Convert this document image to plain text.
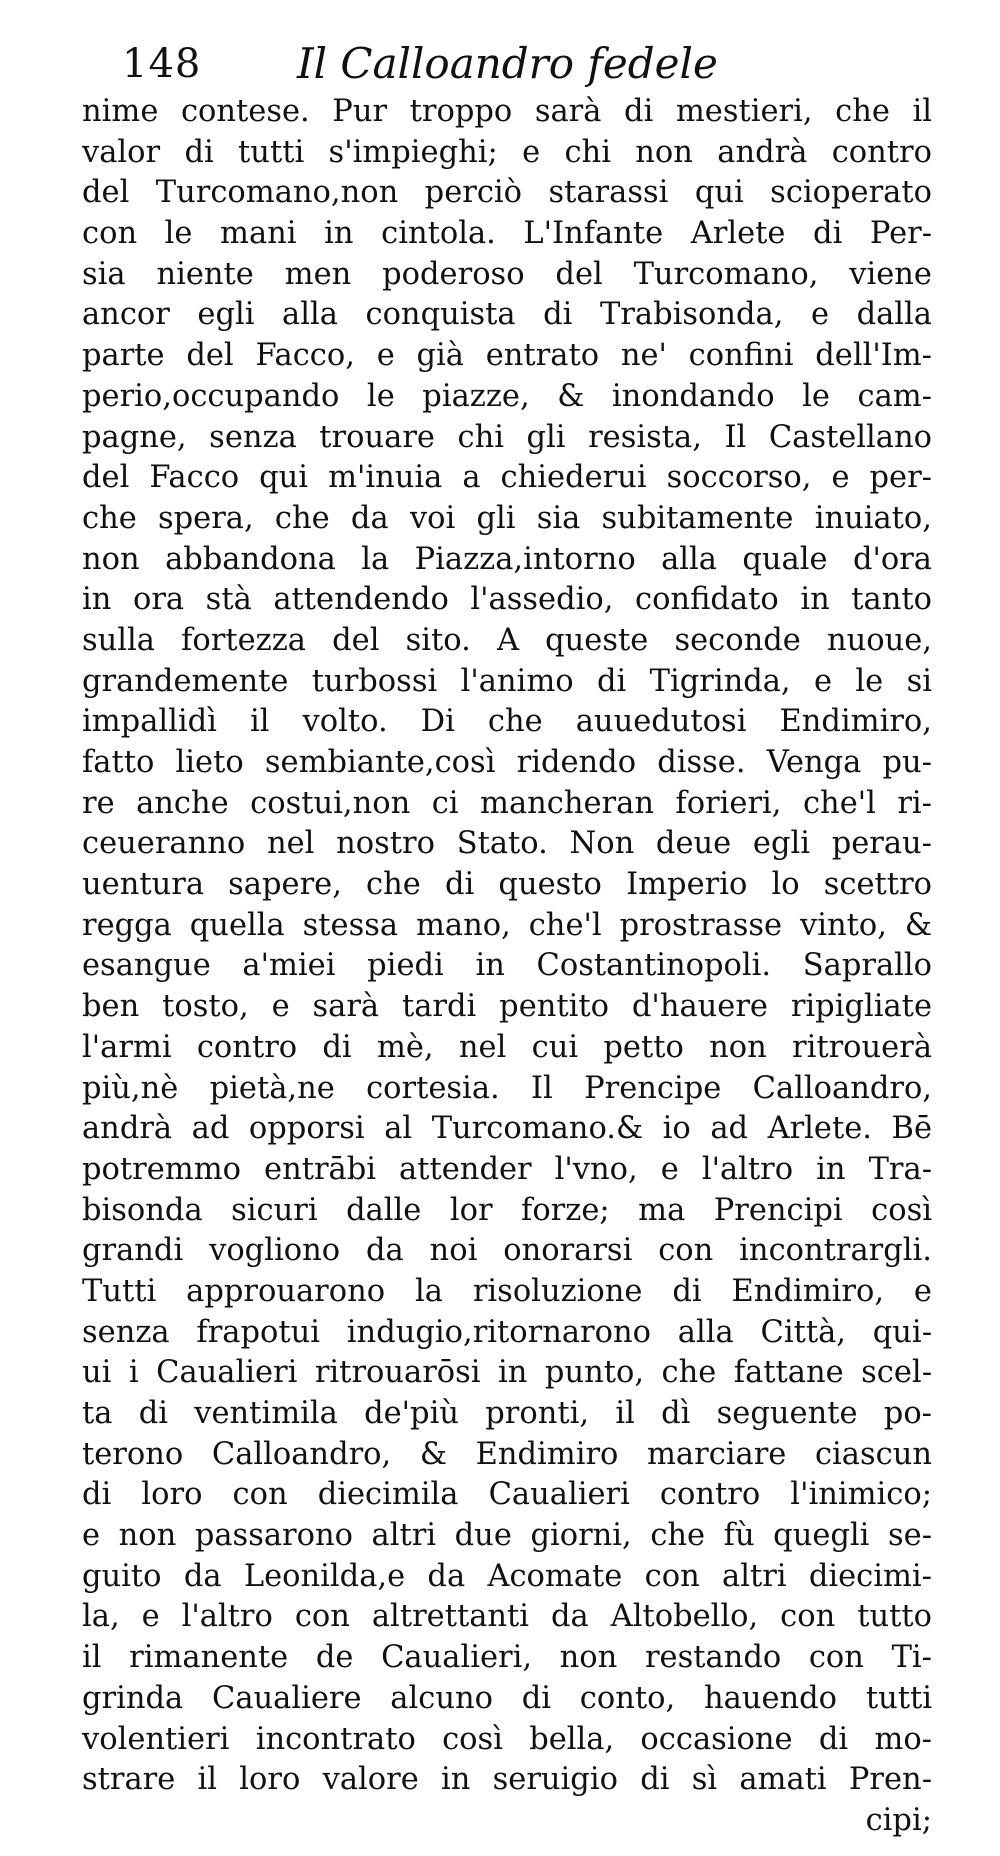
148 Il Calloandro fedele
nime contese. Pur troppo sarà di mestieri, che il
valor di tutti s'impieghi; e chi non andrà contro
del Turcomano,non perciò starassi qui scioperato
con le mani in cintola. L'Infante Arlete di Per-
sia niente men poderoso del Turcomano, viene
ancor egli alla conquista di Trabisonda, e dalla
parte del Facco, e già entrato ne' confini dell'Im-
perio,occupando le piazze, & inondando le cam-
pagne, senza trouare chi gli resista, Il Castellano
del Facco qui m'inuia a chiederui soccorso, e per-
che spera, che da voi gli sia subitamente inuiato,
non abbandona la Piazza,intorno alla quale d'ora
in ora stà attendendo l'assedio, confidato in tanto
sulla fortezza del sito. A queste seconde nuoue,
grandemente turbossi l'animo di Tigrinda, e le si
impallidì il volto. Di che auuedutosi Endimiro,
fatto lieto sembiante,così ridendo disse. Venga pu-
re anche costui,non ci mancheran forieri, che'l ri-
ceueranno nel nostro Stato. Non deue egli perau-
uentura sapere, che di questo Imperio lo scettro
regga quella stessa mano, che'l prostrasse vinto, &
esangue a'miei piedi in Costantinopoli. Saprallo
ben tosto, e sarà tardi pentito d'hauere ripigliate
l'armi contro di mè, nel cui petto non ritrouerà
più,nè pietà,ne cortesia. Il Prencipe Calloandro,
andrà ad opporsi al Turcomano.& io ad Arlete. Bē
potremmo entrābi attender l'vno, e l'altro in Tra-
bisonda sicuri dalle lor forze; ma Prencipi così
grandi vogliono da noi onorarsi con incontrargli.
Tutti approuarono la risoluzione di Endimiro, e
senza frapotui indugio,ritornarono alla Città, qui-
ui i Caualieri ritrouarōsi in punto, che fattane scel-
ta di ventimila de'più pronti, il dì seguente po-
terono Calloandro, & Endimiro marciare ciascun
di loro con diecimila Caualieri contro l'inimico;
e non passarono altri due giorni, che fù quegli se-
guito da Leonilda,e da Acomate con altri diecimi-
la, e l'altro con altrettanti da Altobello, con tutto
il rimanente de Caualieri, non restando con Ti-
grinda Caualiere alcuno di conto, hauendo tutti
volentieri incontrato così bella, occasione di mo-
strare il loro valore in seruigio di sì amati Pren-
cipi;
